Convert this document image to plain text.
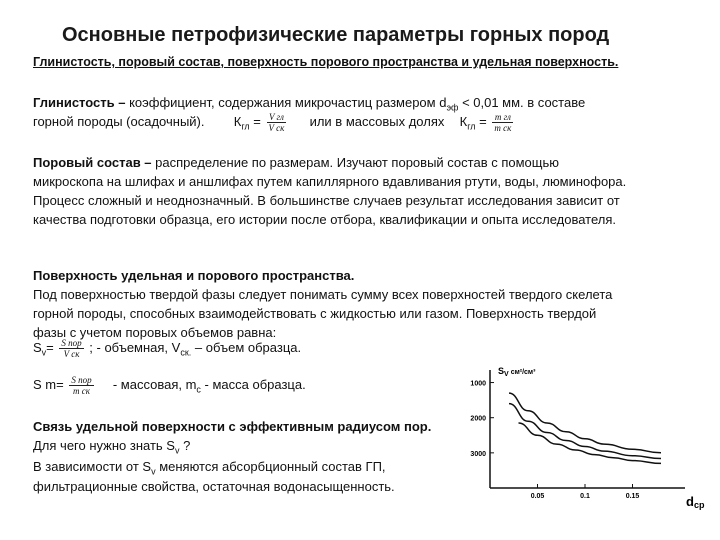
Основные петрофизические параметры горных пород
Глинистость, поровый состав, поверхность порового пространства и удельная поверхность.
Глинистость – коэффициент, содержания микрочастиц размером $d_{эф} < 0,01$ мм. в составе
горной породы (осадочный). $К_{гл} = \frac{\text{V гл}}{\text{V ск}}$ или в массовых долях $К_{гл} = \frac{\text{m гл}}{\text{m ск}}$
Поровый состав – распределение по размерам. Изучают поровый состав с помощью
микроскопа на шлифах и аншлифах путем капиллярного вдавливания ртути, воды, люминофора.
Процесс сложный и неоднозначный. В большинстве случаев результат исследования зависит от
качества подготовки образца, его истории после отбора, квалификации и опыта исследователя.
Поверхность удельная и порового пространства.
Под поверхностью твердой фазы следует понимать сумму всех поверхностей твердого скелета
горной породы, способных взаимодействовать с жидкостью или газом. Поверхность твердой
фазы с учетом поровых объемов равна:
$S_v= \frac{\text{S пор}}{\text{V ск}}$ ; - объемная, $V_{ск.}$ – объем образца.
S $m= \frac{\text{S пор}}{\text{m ск}}$ - массовая, $m_c$ - масса образца.
Связь удельной поверхности с эффективным радиусом пор.
Для чего нужно знать $S_v$ ?
В зависимости от $S_v$ меняются абсорбционный состав ГП,
фильтрационные свойства, остаточная водонасыщенность.
$S_V$ $^{см^2/см^3}$
3000
2000
1000
0.05	0.1	0.15	dср
